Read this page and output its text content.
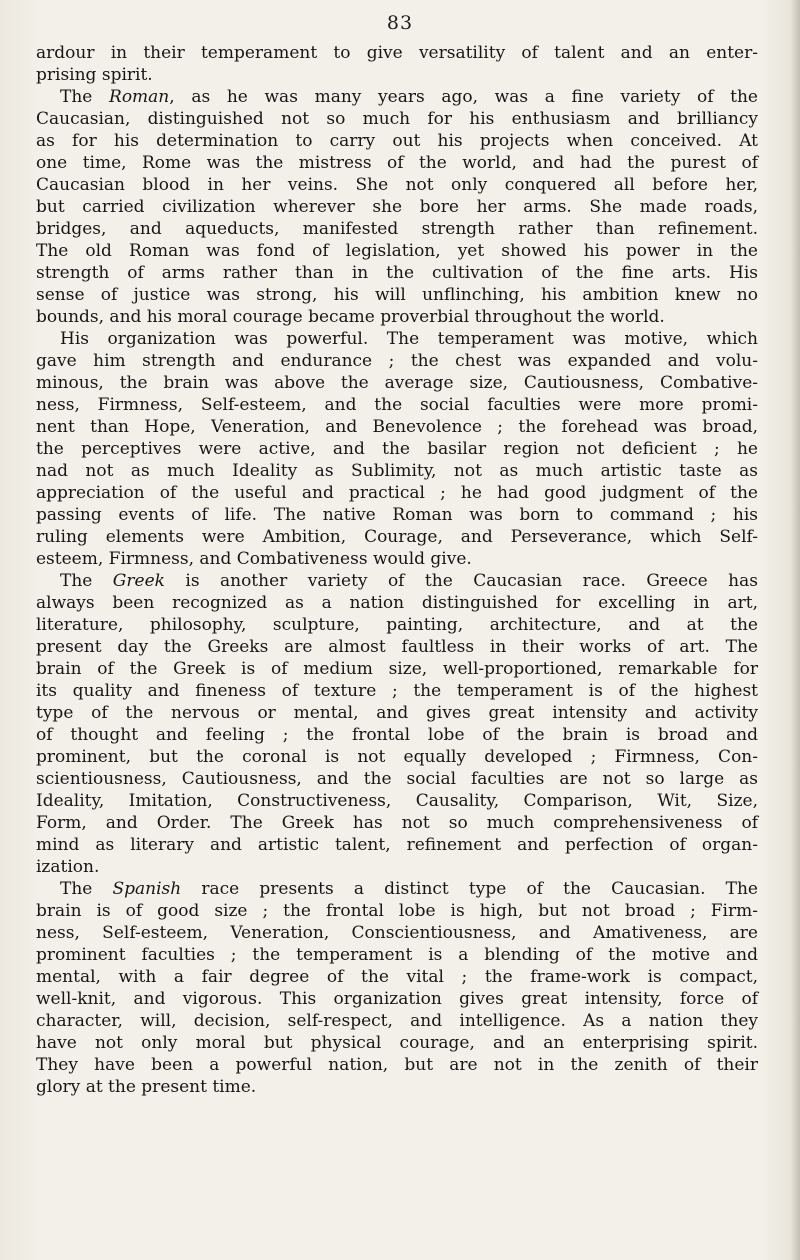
83
ardour in their temperament to give versatility of talent and an enter-
prising spirit.
The Roman, as he was many years ago, was a fine variety of the
Caucasian, distinguished not so much for his enthusiasm and brilliancy
as for his determination to carry out his projects when conceived. At
one time, Rome was the mistress of the world, and had the purest of
Caucasian blood in her veins. She not only conquered all before her,
but carried civilization wherever she bore her arms. She made roads,
bridges, and aqueducts, manifested strength rather than refinement.
The old Roman was fond of legislation, yet showed his power in the
strength of arms rather than in the cultivation of the fine arts. His
sense of justice was strong, his will unflinching, his ambition knew no
bounds, and his moral courage became proverbial throughout the world.
His organization was powerful. The temperament was motive, which
gave him strength and endurance ; the chest was expanded and volu-
minous, the brain was above the average size, Cautiousness, Combative-
ness, Firmness, Self-esteem, and the social faculties were more promi-
nent than Hope, Veneration, and Benevolence ; the forehead was broad,
the perceptives were active, and the basilar region not deficient ; he
nad not as much Ideality as Sublimity, not as much artistic taste as
appreciation of the useful and practical ; he had good judgment of the
passing events of life. The native Roman was born to command ; his
ruling elements were Ambition, Courage, and Perseverance, which Self-
esteem, Firmness, and Combativeness would give.
The Greek is another variety of the Caucasian race. Greece has
always been recognized as a nation distinguished for excelling in art,
literature, philosophy, sculpture, painting, architecture, and at the
present day the Greeks are almost faultless in their works of art. The
brain of the Greek is of medium size, well-proportioned, remarkable for
its quality and fineness of texture ; the temperament is of the highest
type of the nervous or mental, and gives great intensity and activity
of thought and feeling ; the frontal lobe of the brain is broad and
prominent, but the coronal is not equally developed ; Firmness, Con-
scientiousness, Cautiousness, and the social faculties are not so large as
Ideality, Imitation, Constructiveness, Causality, Comparison, Wit, Size,
Form, and Order. The Greek has not so much comprehensiveness of
mind as literary and artistic talent, refinement and perfection of organ-
ization.
The Spanish race presents a distinct type of the Caucasian. The
brain is of good size ; the frontal lobe is high, but not broad ; Firm-
ness, Self-esteem, Veneration, Conscientiousness, and Amativeness, are
prominent faculties ; the temperament is a blending of the motive and
mental, with a fair degree of the vital ; the frame-work is compact,
well-knit, and vigorous. This organization gives great intensity, force of
character, will, decision, self-respect, and intelligence. As a nation they
have not only moral but physical courage, and an enterprising spirit.
They have been a powerful nation, but are not in the zenith of their
glory at the present time.
